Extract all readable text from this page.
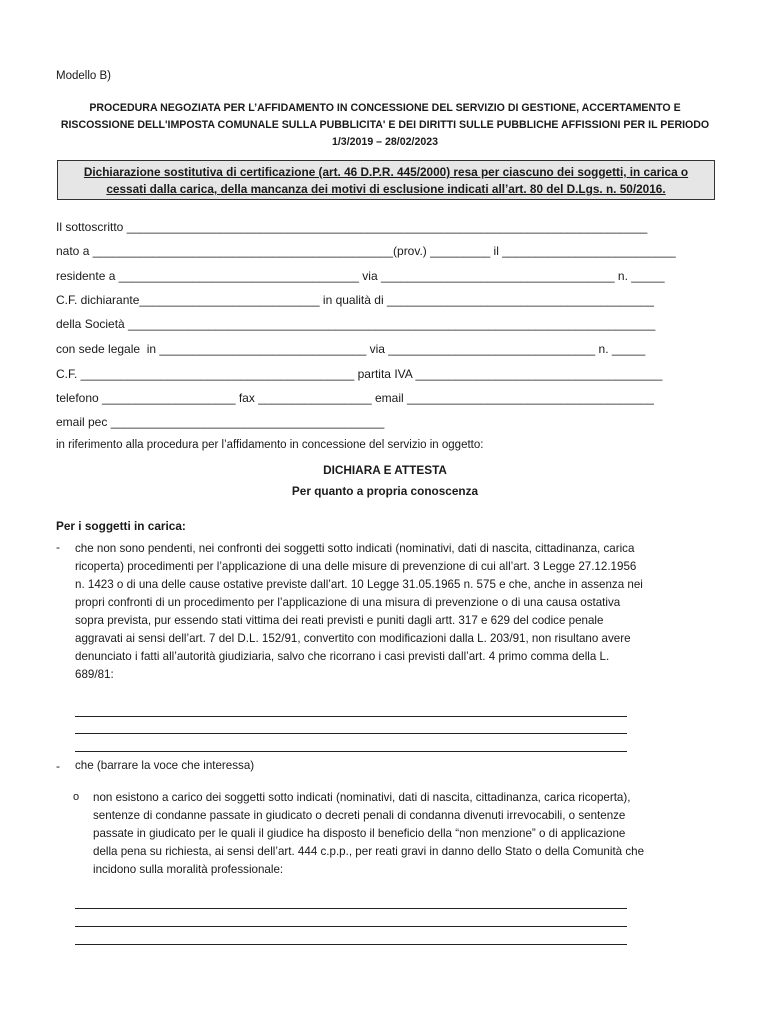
Modello B)
PROCEDURA NEGOZIATA PER L’AFFIDAMENTO IN CONCESSIONE DEL SERVIZIO DI GESTIONE, ACCERTAMENTO E
RISCOSSIONE DELL'IMPOSTA COMUNALE SULLA PUBBLICITA' E DEI DIRITTI SULLE PUBBLICHE AFFISSIONI PER IL PERIODO
1/3/2019 – 28/02/2023
Dichiarazione sostitutiva di certificazione (art. 46 D.P.R. 445/2000) resa per ciascuno dei soggetti, in carica o
cessati dalla carica, della mancanza dei motivi di esclusione indicati all’art. 80 del D.Lgs. n. 50/2016.
Il sottoscritto ______________________________________________________________________________
nato a _____________________________________________(prov.) _________ il __________________________
residente a ____________________________________ via ___________________________________ n. _____
C.F. dichiarante___________________________ in qualità di ________________________________________
della Società _______________________________________________________________________________
con sede legale  in _______________________________ via _______________________________ n. _____
C.F. _________________________________________ partita IVA _____________________________________
telefono ____________________ fax _________________ email _____________________________________
email pec _________________________________________
in riferimento alla procedura per l’affidamento in concessione del servizio in oggetto:
DICHIARA E ATTESTA
Per quanto a propria conoscenza
Per i soggetti in carica:
- che non sono pendenti, nei confronti dei soggetti sotto indicati (nominativi, dati di nascita, cittadinanza, carica
ricoperta) procedimenti per l’applicazione di una delle misure di prevenzione di cui all’art. 3 Legge 27.12.1956
n. 1423 o di una delle cause ostative previste dall’art. 10 Legge 31.05.1965 n. 575 e che, anche in assenza nei
propri confronti di un procedimento per l’applicazione di una misura di prevenzione o di una causa ostativa
sopra prevista, pur essendo stati vittima dei reati previsti e puniti dagli artt. 317 e 629 del codice penale
aggravati ai sensi dell’art. 7 del D.L. 152/91, convertito con modificazioni dalla L. 203/91, non risultano avere
denunciato i fatti all’autorità giudiziaria, salvo che ricorrano i casi previsti dall’art. 4 primo comma della L.
689/81:
- che (barrare la voce che interessa)
o non esistono a carico dei soggetti sotto indicati (nominativi, dati di nascita, cittadinanza, carica ricoperta),
sentenze di condanne passate in giudicato o decreti penali di condanna divenuti irrevocabili, o sentenze
passate in giudicato per le quali il giudice ha disposto il beneficio della “non menzione” o di applicazione
della pena su richiesta, ai sensi dell’art. 444 c.p.p., per reati gravi in danno dello Stato o della Comunità che
incidono sulla moralità professionale:
